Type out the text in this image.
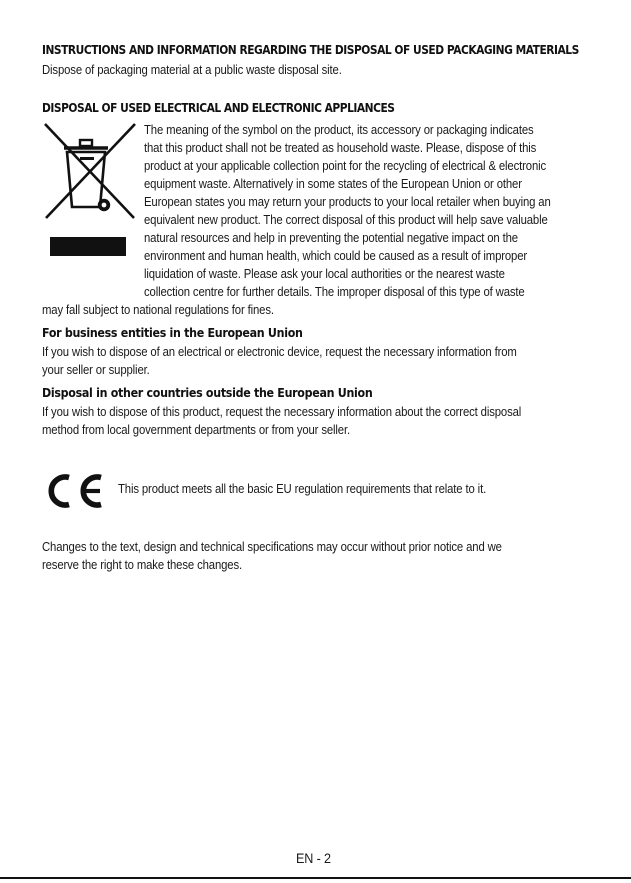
INSTRUCTIONS AND INFORMATION REGARDING THE DISPOSAL OF USED PACKAGING MATERIALS

Dispose of packaging material at a public waste disposal site.

DISPOSAL OF USED ELECTRICAL AND ELECTRONIC APPLIANCES

The meaning of the symbol on the product, its accessory or packaging indicates

that this product shall not be treated as household waste. Please, dispose of this

product at your applicable collection point for the recycling of electrical & electronic

equipment waste. Alternatively in some states of the European Union or other

European states you may return your products to your local retailer when buying an

equivalent new product. The correct disposal of this product will help save valuable

natural resources and help in preventing the potential negative impact on the

environment and human health, which could be caused as a result of improper

liquidation of waste. Please ask your local authorities or the nearest waste

collection centre for further details. The improper disposal of this type of waste

may fall subject to national regulations for fines.

For business entities in the European Union

If you wish to dispose of an electrical or electronic device, request the necessary information from

your seller or supplier.

Disposal in other countries outside the European Union

If you wish to dispose of this product, request the necessary information about the correct disposal

method from local government departments or from your seller.

This product meets all the basic EU regulation requirements that relate to it.

Changes to the text, design and technical specifications may occur without prior notice and we

reserve the right to make these changes.

EN - 2
